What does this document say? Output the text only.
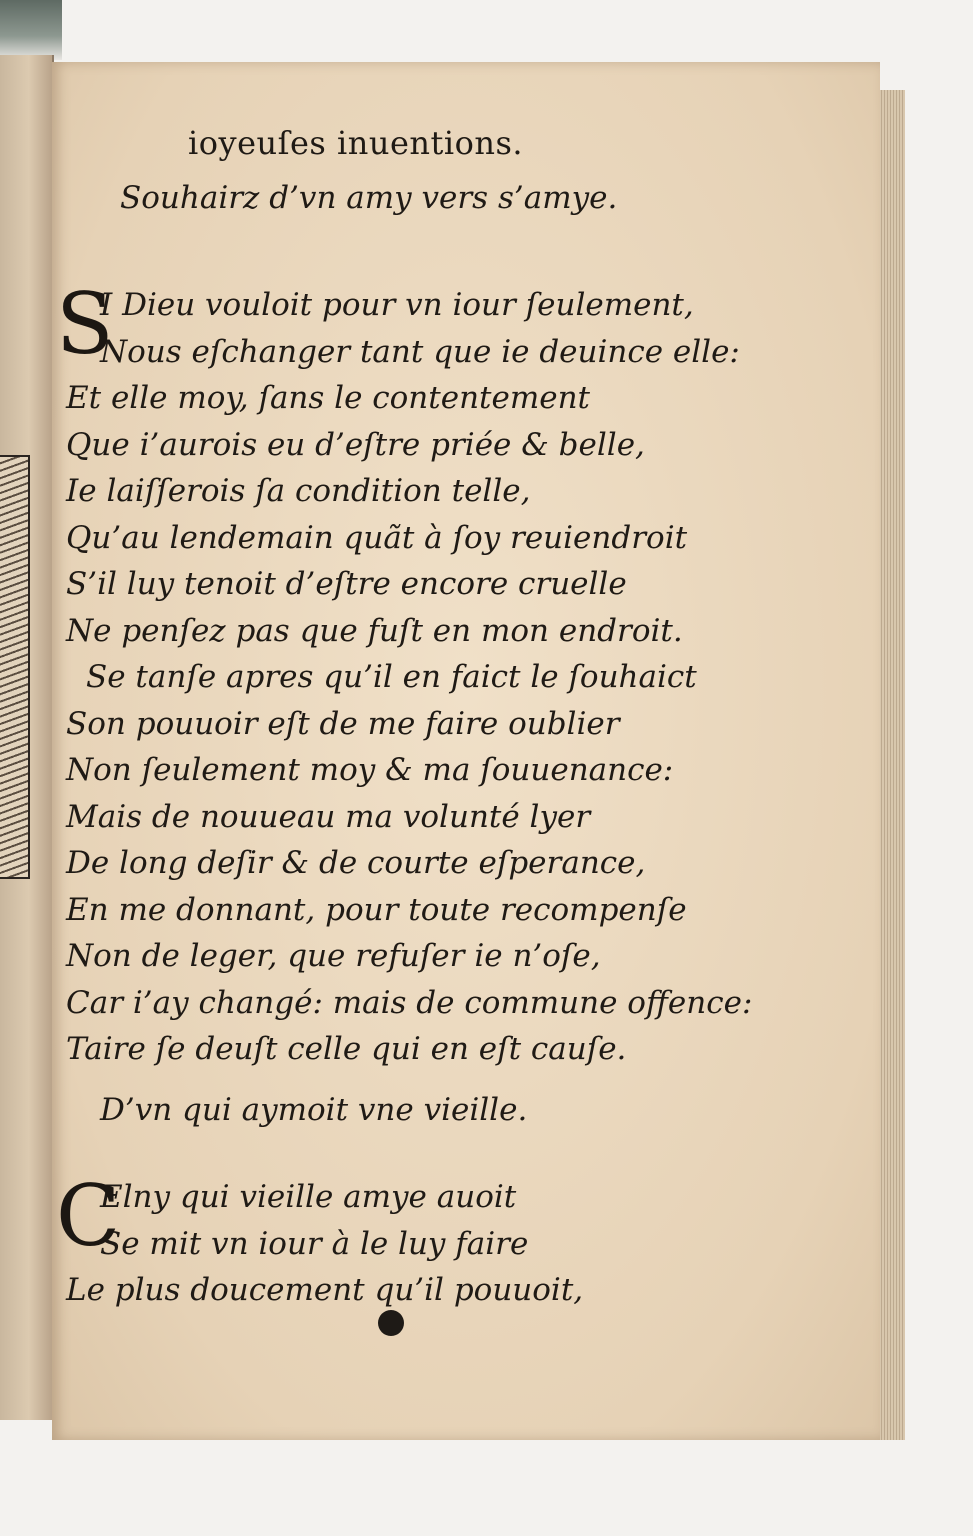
ioyeuſes inuentions.
Souhairz d’vn amy vers s’amye.
S
I Dieu vouloit pour vn iour ſeulement,
Nous eſchanger tant que ie deuince elle:
Et elle moy, ſans le contentement
Que i’aurois eu d’eſtre priée & belle,
Ie laiſſerois ſa condition telle,
Qu’au lendemain quãt à ſoy reuiendroit
S’il luy tenoit d’eſtre encore cruelle
Ne penſez pas que fuſt en mon endroit.
Se tanſe apres qu’il en faict le ſouhaict
Son pouuoir eſt de me faire oublier
Non ſeulement moy & ma ſouuenance:
Mais de nouueau ma volunté lyer
De long deſir & de courte eſperance,
En me donnant, pour toute recompenſe
Non de leger, que refuſer ie n’oſe,
Car i’ay changé: mais de commune offence:
Taire ſe deuſt celle qui en eſt cauſe.
D’vn qui aymoit vne vieille.
C
Elny qui vieille amye auoit
Se mit vn iour à le luy faire
Le plus doucement qu’il pouuoit,
